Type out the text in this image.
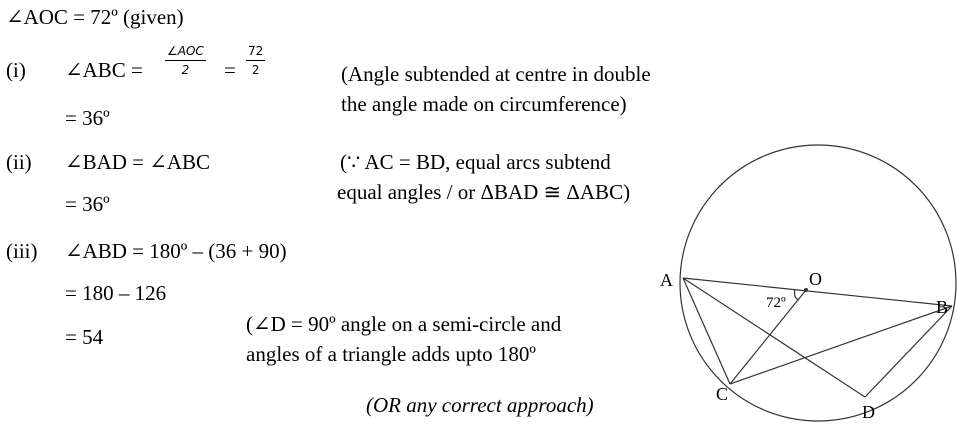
∠AOC = 72º (given)
(i) ∠ABC =
∠AOC
$2 = \frac{72}{2}$	(Angle subtended at centre in double
the angle made on circumference)
= 36º
(ii) ∠BAD = ∠ABC	(∵ AC = BD, equal arcs subtend
equal angles / or ΔBAD ≅ ΔABC)
= 36º
(iii) ∠ABD = 180º – (36 + 90)
= 180 – 126
= 54
(∠D = 90º angle on a semi-circle and
angles of a triangle adds upto 180º
(OR any correct approach)
A
B
C
D
O
72º
